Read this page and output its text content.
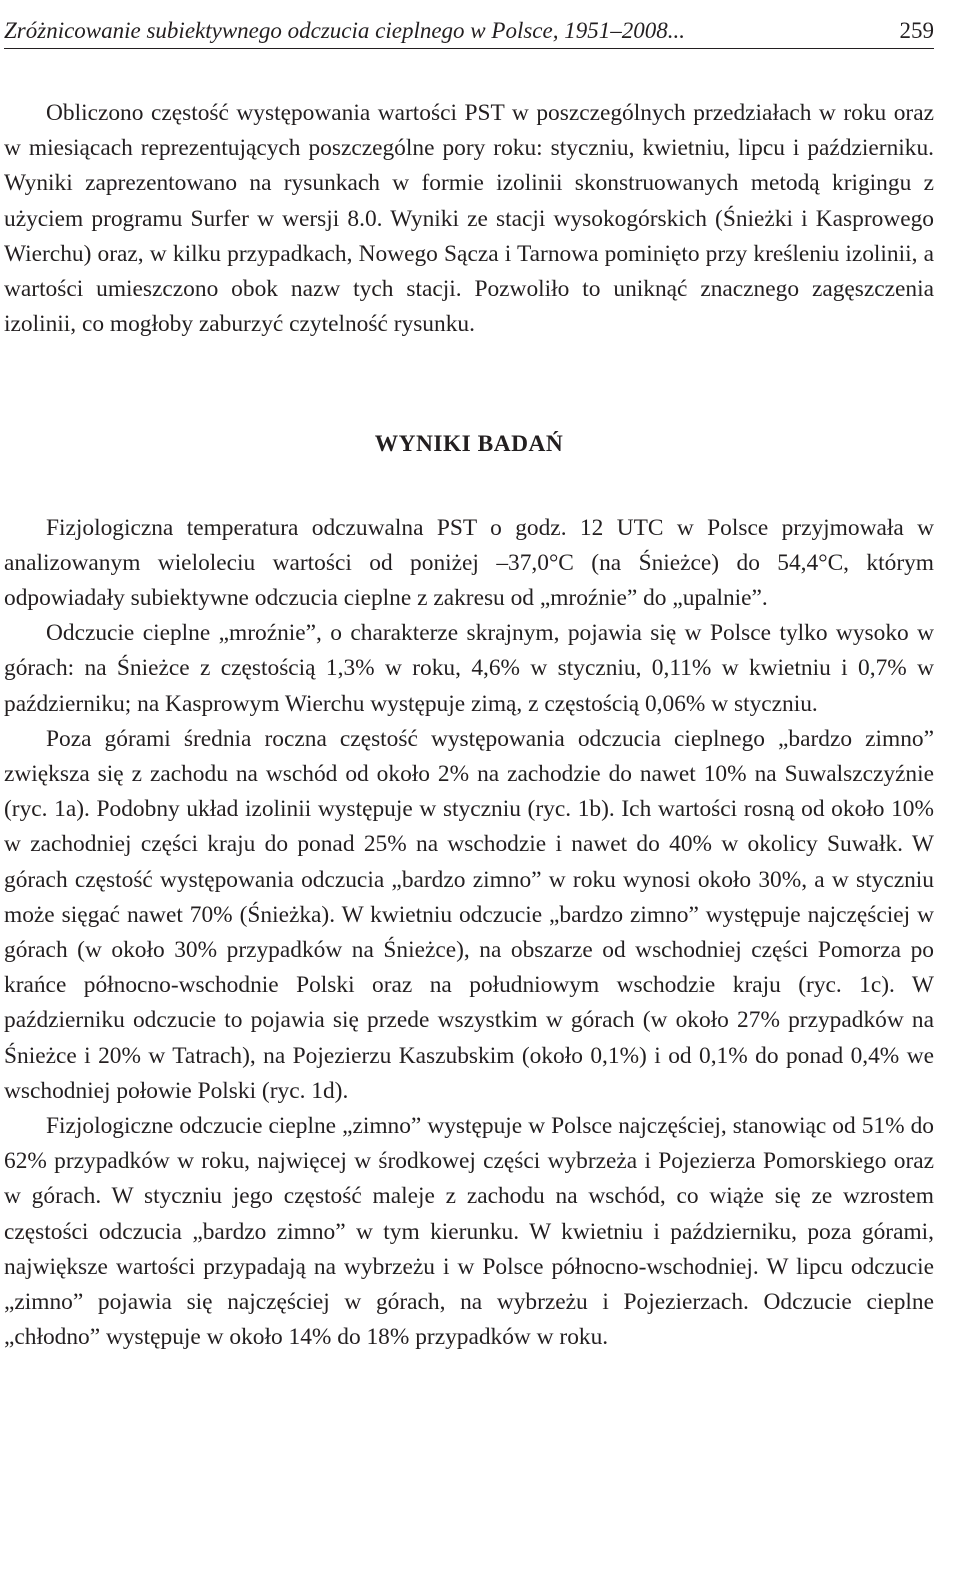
Zróżnicowanie subiektywnego odczucia cieplnego w Polsce, 1951–2008...	259

Obliczono częstość występowania wartości PST w poszczególnych przedziałach w roku oraz w miesiącach reprezentujących poszczególne pory roku: styczniu, kwietniu, lipcu i październiku. Wyniki zaprezentowano na rysunkach w formie izolinii skonstruowanych metodą krigingu z użyciem programu Surfer w wersji 8.0. Wyniki ze stacji wysokogórskich (Śnieżki i Kasprowego Wierchu) oraz, w kilku przypadkach, Nowego Sącza i Tarnowa pominięto przy kreśleniu izolinii, a wartości umieszczono obok nazw tych stacji. Pozwoliło to uniknąć znacznego zagęszczenia izolinii, co mogłoby zaburzyć czytelność rysunku.

WYNIKI BADAŃ

Fizjologiczna temperatura odczuwalna PST o godz. 12 UTC w Polsce przyjmowała w analizowanym wieloleciu wartości od poniżej –37,0°C (na Śnieżce) do 54,4°C, którym odpowiadały subiektywne odczucia cieplne z zakresu od „mroźnie” do „upalnie”.

Odczucie cieplne „mroźnie”, o charakterze skrajnym, pojawia się w Polsce tylko wysoko w górach: na Śnieżce z częstością 1,3% w roku, 4,6% w styczniu, 0,11% w kwietniu i 0,7% w październiku; na Kasprowym Wierchu występuje zimą, z częstością 0,06% w styczniu.

Poza górami średnia roczna częstość występowania odczucia cieplnego „bardzo zimno” zwiększa się z zachodu na wschód od około 2% na zachodzie do nawet 10% na Suwalszczyźnie (ryc. 1a). Podobny układ izolinii występuje w styczniu (ryc. 1b). Ich wartości rosną od około 10% w zachodniej części kraju do ponad 25% na wschodzie i nawet do 40% w okolicy Suwałk. W górach częstość występowania odczucia „bardzo zimno” w roku wynosi około 30%, a w styczniu może sięgać nawet 70% (Śnieżka). W kwietniu odczucie „bardzo zimno” występuje najczęściej w górach (w około 30% przypadków na Śnieżce), na obszarze od wschodniej części Pomorza po krańce północno-wschodnie Polski oraz na południowym wschodzie kraju (ryc. 1c). W październiku odczucie to pojawia się przede wszystkim w górach (w około 27% przypadków na Śnieżce i 20% w Tatrach), na Pojezierzu Kaszubskim (około 0,1%) i od 0,1% do ponad 0,4% we wschodniej połowie Polski (ryc. 1d).

Fizjologiczne odczucie cieplne „zimno” występuje w Polsce najczęściej, stanowiąc od 51% do 62% przypadków w roku, najwięcej w środkowej części wybrzeża i Pojezierza Pomorskiego oraz w górach. W styczniu jego częstość maleje z zachodu na wschód, co wiąże się ze wzrostem częstości odczucia „bardzo zimno” w tym kierunku. W kwietniu i październiku, poza górami, największe wartości przypadają na wybrzeżu i w Polsce północno-wschodniej. W lipcu odczucie „zimno” pojawia się najczęściej w górach, na wybrzeżu i Pojezierzach. Odczucie cieplne „chłodno” występuje w około 14% do 18% przypadków w roku.
